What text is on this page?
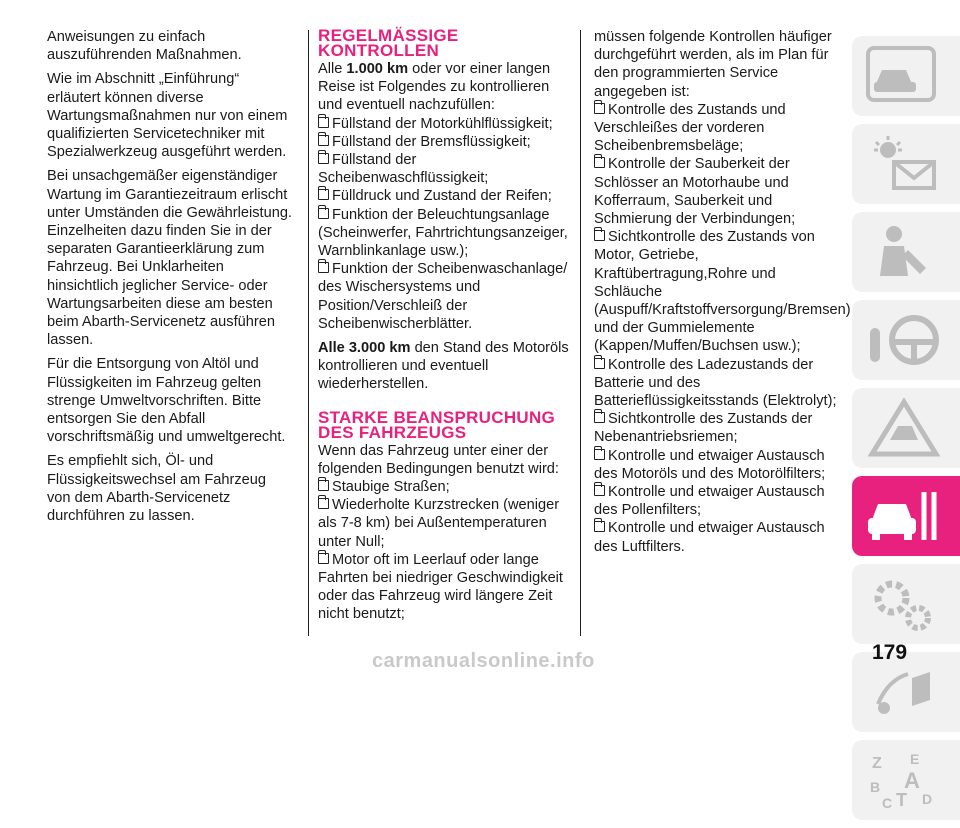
Anweisungen zu einfach auszuführenden Maßnahmen.

Wie im Abschnitt „Einführung“ erläutert können diverse Wartungsmaßnahmen nur von einem qualifizierten Servicetechniker mit Spezialwerkzeug ausgeführt werden.

Bei unsachgemäßer eigenständiger Wartung im Garantiezeitraum erlischt unter Umständen die Gewährleistung. Einzelheiten dazu finden Sie in der separaten Garantieerklärung zum Fahrzeug. Bei Unklarheiten hinsichtlich jeglicher Service- oder Wartungsarbeiten diese am besten beim Abarth-Servicenetz ausführen lassen.

Für die Entsorgung von Altöl und Flüssigkeiten im Fahrzeug gelten strenge Umweltvorschriften. Bitte entsorgen Sie den Abfall vorschriftsmäßig und umweltgerecht.

Es empfiehlt sich, Öl- und Flüssigkeitswechsel am Fahrzeug von dem Abarth-Servicenetz durchführen zu lassen.

REGELMÄSSIGE KONTROLLEN

Alle 1.000 km oder vor einer langen Reise ist Folgendes zu kontrollieren und eventuell nachzufüllen:

Füllstand der Motorkühlflüssigkeit;
Füllstand der Bremsflüssigkeit;
Füllstand der Scheibenwaschflüssigkeit;
Fülldruck und Zustand der Reifen;
Funktion der Beleuchtungsanlage (Scheinwerfer, Fahrtrichtungsanzeiger, Warnblinkanlage usw.);
Funktion der Scheibenwaschanlage/ des Wischersystems und Position/Verschleiß der Scheibenwischerblätter.

Alle 3.000 km den Stand des Motoröls kontrollieren und eventuell wiederherstellen.

STARKE BEANSPRUCHUNG DES FAHRZEUGS

Wenn das Fahrzeug unter einer der folgenden Bedingungen benutzt wird:

Staubige Straßen;
Wiederholte Kurzstrecken (weniger als 7-8 km) bei Außentemperaturen unter Null;
Motor oft im Leerlauf oder lange Fahrten bei niedriger Geschwindigkeit oder das Fahrzeug wird längere Zeit nicht benutzt;

müssen folgende Kontrollen häufiger durchgeführt werden, als im Plan für den programmierten Service angegeben ist:

Kontrolle des Zustands und Verschleißes der vorderen Scheibenbremsbeläge;
Kontrolle der Sauberkeit der Schlösser an Motorhaube und Kofferraum, Sauberkeit und Schmierung der Verbindungen;
Sichtkontrolle des Zustands von Motor, Getriebe, Kraftübertragung,Rohre und Schläuche (Auspuff/Kraftstoffversorgung/Bremsen) und der Gummielemente (Kappen/Muffen/Buchsen usw.);
Kontrolle des Ladezustands der Batterie und des Batterieflüssigkeitsstands (Elektrolyt);
Sichtkontrolle des Zustands der Nebenantriebsriemen;
Kontrolle und etwaiger Austausch des Motoröls und des Motorölfilters;
Kontrolle und etwaiger Austausch des Pollenfilters;
Kontrolle und etwaiger Austausch des Luftfilters.
Z E
A
B
C T D
179
carmanualsonline.info
